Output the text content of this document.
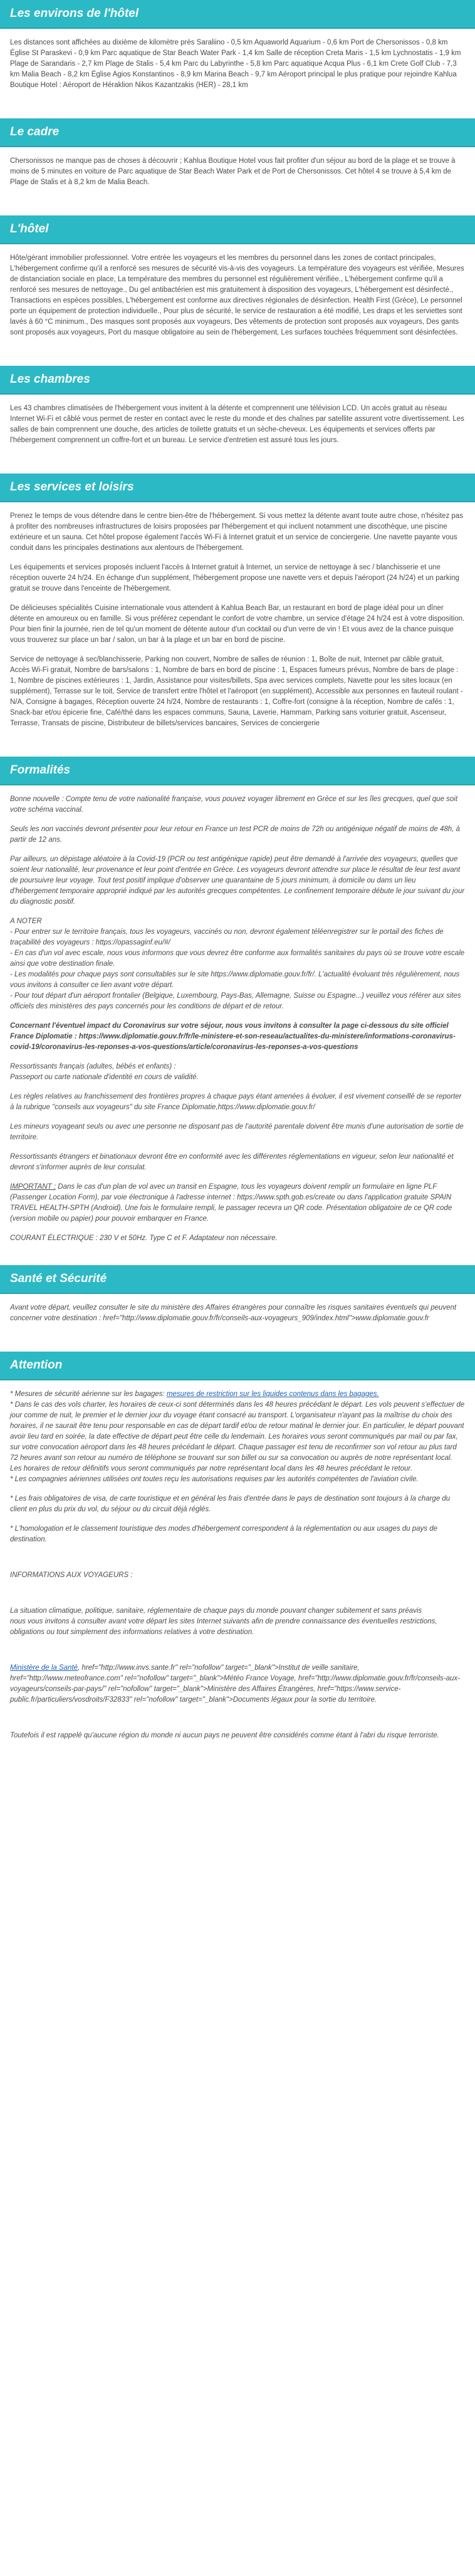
Les environs de l'hôtel

Les distances sont affichées au dixième de kilomètre près Saraliino - 0,5 km Aquaworld Aquarium - 0,6 km Port de Chersonissos - 0,8 km Église St Paraskevi - 0,9 km Parc aquatique de Star Beach Water Park - 1,4 km Salle de réception Creta Maris - 1,5 km Lychnostatis - 1,9 km Plage de Sarandaris - 2,7 km Plage de Stalis - 5,4 km Parc du Labyrinthe - 5,8 km Parc aquatique Acqua Plus - 6,1 km Crete Golf Club - 7,3 km Malia Beach - 8,2 km Église Agios Konstantinos - 8,9 km Marina Beach - 9,7 km Aéroport principal le plus pratique pour rejoindre Kahlua Boutique Hotel : Aéroport de Héraklion Nikos Kazantzakis (HER) - 28,1 km

Le cadre

Chersonissos ne manque pas de choses à découvrir ; Kahlua Boutique Hotel vous fait profiter d'un séjour au bord de la plage et se trouve à moins de 5 minutes en voiture de Parc aquatique de Star Beach Water Park et de Port de Chersonissos. Cet hôtel 4 se trouve à 5,4 km de Plage de Stalis et à 8,2 km de Malia Beach.

L'hôtel

Hôte/gérant immobilier professionnel. Votre entrée les voyageurs et les membres du personnel dans les zones de contact principales, L'hébergement confirme qu'il a renforcé ses mesures de sécurité vis-à-vis des voyageurs. La température des voyageurs est vérifiée, Mesures de distanciation sociale en place, La température des membres du personnel est régulièrement vérifiée., L'hébergement confirme qu'il a renforcé ses mesures de nettoyage., Du gel antibactérien est mis gratuitement à disposition des voyageurs, L'hébergement est désinfecté., Transactions en espèces possibles, L'hébergement est conforme aux directives régionales de désinfection. Health First (Grèce), Le personnel porte un équipement de protection individuelle., Pour plus de sécurité, le service de restauration a été modifié, Les draps et les serviettes sont lavés à 60 °C minimum., Des masques sont proposés aux voyageurs, Des vêtements de protection sont proposés aux voyageurs, Des gants sont proposés aux voyageurs, Port du masque obligatoire au sein de l'hébergement, Les surfaces touchées fréquemment sont désinfectées.

Les chambres

Les 43 chambres climatisées de l'hébergement vous invitent à la détente et comprennent une télévision LCD. Un accès gratuit au réseau Internet Wi-Fi et câblé vous permet de rester en contact avec le reste du monde et des chaînes par satellite assurent votre divertissement. Les salles de bain comprennent une douche, des articles de toilette gratuits et un sèche-cheveux. Les équipements et services offerts par l'hébergement comprennent un coffre-fort et un bureau. Le service d'entretien est assuré tous les jours.

Les services et loisirs

Prenez le temps de vous détendre dans le centre bien-être de l'hébergement. Si vous mettez la détente avant toute autre chose, n'hésitez pas à profiter des nombreuses infrastructures de loisirs proposées par l'hébergement et qui incluent notamment une discothèque, une piscine extérieure et un sauna. Cet hôtel propose également l'accès Wi-Fi à Internet gratuit et un service de conciergerie. Une navette payante vous conduit dans les principales destinations aux alentours de l'hébergement.

Les équipements et services proposés incluent l'accès à Internet gratuit à Internet, un service de nettoyage à sec / blanchisserie et une réception ouverte 24 h/24. En échange d'un supplément, l'hébergement propose une navette vers et depuis l'aéroport (24 h/24) et un parking gratuit se trouve dans l'enceinte de l'hébergement.

De délicieuses spécialités Cuisine internationale vous attendent à Kahlua Beach Bar, un restaurant en bord de plage idéal pour un dîner détente en amoureux ou en famille. Si vous préférez cependant le confort de votre chambre, un service d'étage 24 h/24 est à votre disposition. Pour bien finir la journée, rien de tel qu'un moment de détente autour d'un cocktail ou d'un verre de vin ! Et vous avez de la chance puisque vous trouverez sur place un bar / salon, un bar à la plage et un bar en bord de piscine.

Service de nettoyage à sec/blanchisserie, Parking non couvert, Nombre de salles de réunion : 1, Boîte de nuit, Internet par câble gratuit, Accès Wi-Fi gratuit, Nombre de bars/salons : 1, Nombre de bars en bord de piscine : 1, Espaces fumeurs prévus, Nombre de bars de plage : 1, Nombre de piscines extérieures : 1, Jardin, Assistance pour visites/billets, Spa avec services complets, Navette pour les sites locaux (en supplément), Terrasse sur le toit, Service de transfert entre l'hôtel et l'aéroport (en supplément), Accessible aux personnes en fauteuil roulant - N/A, Consigne à bagages, Réception ouverte 24 h/24, Nombre de restaurants : 1, Coffre-fort (consigne à la réception, Nombre de cafés : 1, Snack-bar et/ou épicerie fine, Café/thé dans les espaces communs, Sauna, Laverie, Hammam, Parking sans voiturier gratuit, Ascenseur, Terrasse, Transats de piscine, Distributeur de billets/services bancaires, Services de conciergerie

Formalités

Bonne nouvelle : Compte tenu de votre nationalité française, vous pouvez voyager librement en Grèce et sur les îles grecques, quel que soit votre schéma vaccinal.

Seuls les non vaccinés devront présenter pour leur retour en France un test PCR de moins de 72h ou antigénique négatif de moins de 48h, à partir de 12 ans.

Par ailleurs, un dépistage aléatoire à la Covid-19 (PCR ou test antigénique rapide) peut être demandé à l'arrivée des voyageurs, quelles que soient leur nationalité, leur provenance et leur point d'entrée en Grèce. Les voyageurs devront attendre sur place le résultat de leur test avant de poursuivre leur voyage. Tout test positif implique d'observer une quarantaine de 5 jours minimum, à domicile ou dans un lieu d'hébergement temporaire approprié indiqué par les autorités grecques compétentes. Le confinement temporaire débute le jour suivant du jour du diagnostic positif.

A NOTER
- Pour entrer sur le territoire français, tous les voyageurs, vaccinés ou non, devront également téléenregistrer sur le portail des fiches de traçabilité des voyageurs : https://opassaginf.eu/#/
- En cas d'un vol avec escale, nous vous informons que vous devrez être conforme aux formalités sanitaires du pays où se trouve votre escale ainsi que votre destination finale.
- Les modalités pour chaque pays sont consultables sur le site https://www.diplomatie.gouv.fr/fr/. L'actualité évoluant très régulièrement, nous vous invitons à consulter ce lien avant votre départ.
- Pour tout départ d'un aéroport frontalier (Belgique, Luxembourg, Pays-Bas, Allemagne, Suisse ou Espagne...) veuillez vous référer aux sites officiels des ministères des pays concernés pour les conditions de départ et de retour.

Concernant l'éventuel impact du Coronavirus sur votre séjour, nous vous invitons à consulter la page ci-dessous du site officiel France Diplomatie : https://www.diplomatie.gouv.fr/fr/le-ministere-et-son-reseau/actualites-du-ministere/informations-coronavirus-covid-19/coronavirus-les-reponses-a-vos-questions/article/coronavirus-les-reponses-a-vos-questions

Ressortissants français (adultes, bébés et enfants) :
Passeport ou carte nationale d'identité en cours de validité.

Les règles relatives au franchissement des frontières propres à chaque pays étant amenées à évoluer, il est vivement conseillé de se reporter à la rubrique "conseils aux voyageurs" du site France Diplomatie,https://www.diplomatie.gouv.fr/

Les mineurs voyageant seuls ou avec une personne ne disposant pas de l'autorité parentale doivent être munis d'une autorisation de sortie de territoire.

Ressortissants étrangers et binationaux devront être en conformité avec les différentes réglementations en vigueur, selon leur nationalité et devront s'informer auprès de leur consulat.

IMPORTANT : Dans le cas d'un plan de vol avec un transit en Espagne, tous les voyageurs doivent remplir un formulaire en ligne PLF (Passenger Location Form), par voie électronique à l'adresse internet : https://www.spth.gob.es/create ou dans l'application gratuite SPAIN TRAVEL HEALTH-SPTH (Android). Une fois le formulaire rempli, le passager recevra un QR code. Présentation obligatoire de ce QR code (version mobile ou papier) pour pouvoir embarquer en France.

COURANT ÉLECTRIQUE : 230 V et 50Hz. Type C et F. Adaptateur non nécessaire.

Santé et Sécurité

Avant votre départ, veuillez consulter le site du ministère des Affaires étrangères pour connaître les risques sanitaires éventuels qui peuvent concerner votre destination : href="http://www.diplomatie.gouv.fr/fr/conseils-aux-voyageurs_909/index.html">www.diplomatie.gouv.fr

Attention

* Mesures de sécurité aérienne sur les bagages: mesures de restriction sur les liquides contenus dans les bagages.
* Dans le cas des vols charter, les horaires de ceux-ci sont déterminés dans les 48 heures précédant le départ. Les vols peuvent s'effectuer de jour comme de nuit, le premier et le dernier jour du voyage étant consacré au transport. L'organisateur n'ayant pas la maîtrise du choix des horaires, il ne saurait être tenu pour responsable en cas de départ tardif et/ou de retour matinal le dernier jour. En particulier, le départ pouvant avoir lieu tard en soirée, la date effective de départ peut être celle du lendemain. Les horaires vous seront communiqués par mail ou par fax, sur votre convocation aéroport dans les 48 heures précédant le départ. Chaque passager est tenu de reconfirmer son vol retour au plus tard 72 heures avant son retour au numéro de téléphone se trouvant sur son billet ou sur sa convocation ou auprès de notre représentant local. Les horaires de retour définitifs vous seront communiqués par notre représentant local dans les 48 heures précédant le retour.
* Les compagnies aériennes utilisées ont toutes reçu les autorisations requises par les autorités compétentes de l'aviation civile.

* Les frais obligatoires de visa, de carte touristique et en général les frais d'entrée dans le pays de destination sont toujours à la charge du client en plus du prix du vol, du séjour ou du circuit déjà réglés.

* L'homologation et le classement touristique des modes d'hébergement correspondent à la réglementation ou aux usages du pays de destination.

INFORMATIONS AUX VOYAGEURS :

La situation climatique, politique, sanitaire, réglementaire de chaque pays du monde pouvant changer subitement et sans préavis
nous vous invitons à consulter avant votre départ les sites Internet suivants afin de prendre connaissance des éventuelles restrictions, obligations ou tout simplement des informations relatives à votre destination.

Ministère de la Santé, href="http://www.invs.sante.fr" rel="nofollow" target="_blank">Institut de veille sanitaire, href="http://www.meteofrance.com" rel="nofollow" target="_blank">Météo France Voyage, href="http://www.diplomatie.gouv.fr/fr/conseils-aux-voyageurs/conseils-par-pays/" rel="nofollow" target="_blank">Ministère des Affaires Étrangères, href="https://www.service-public.fr/particuliers/vosdroits/F32833" rel="nofollow" target="_blank">Documents légaux pour la sortie du territoire.

Toutefois il est rappelé qu'aucune région du monde ni aucun pays ne peuvent être considérés comme étant à l'abri du risque terroriste.
